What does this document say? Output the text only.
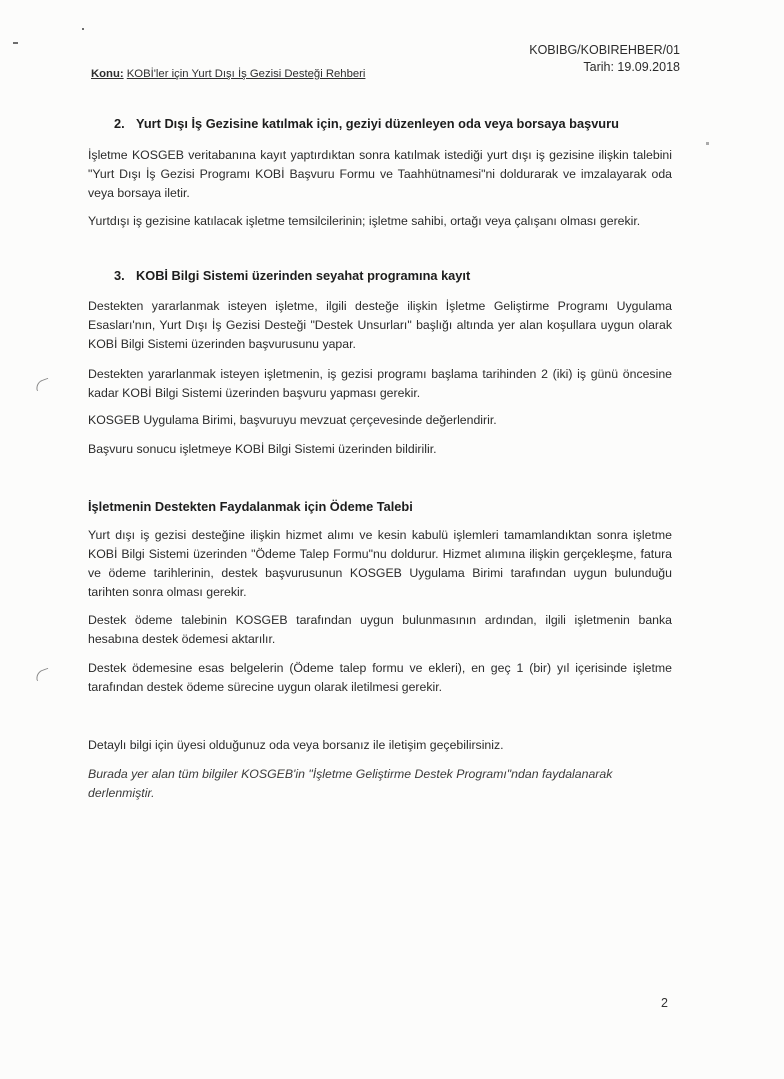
KOBIBG/KOBIREHBER/01
Tarih: 19.09.2018
Konu: KOBİ'ler için Yurt Dışı İş Gezisi Desteği Rehberi
2. Yurt Dışı İş Gezisine katılmak için, geziyi düzenleyen oda veya borsaya başvuru
İşletme KOSGEB veritabanına kayıt yaptırdıktan sonra katılmak istediği yurt dışı iş gezisine ilişkin talebini "Yurt Dışı İş Gezisi Programı KOBİ Başvuru Formu ve Taahhütnamesi"ni doldurarak ve imzalayarak oda veya borsaya iletir.
Yurtdışı iş gezisine katılacak işletme temsilcilerinin; işletme sahibi, ortağı veya çalışanı olması gerekir.
3. KOBİ Bilgi Sistemi üzerinden seyahat programına kayıt
Destekten yararlanmak isteyen işletme, ilgili desteğe ilişkin İşletme Geliştirme Programı Uygulama Esasları'nın, Yurt Dışı İş Gezisi Desteği "Destek Unsurları" başlığı altında yer alan koşullara uygun olarak KOBİ Bilgi Sistemi üzerinden başvurusunu yapar.
Destekten yararlanmak isteyen işletmenin, iş gezisi programı başlama tarihinden 2 (iki) iş günü öncesine kadar KOBİ Bilgi Sistemi üzerinden başvuru yapması gerekir.
KOSGEB Uygulama Birimi, başvuruyu mevzuat çerçevesinde değerlendirir.
Başvuru sonucu işletmeye KOBİ Bilgi Sistemi üzerinden bildirilir.
İşletmenin Destekten Faydalanmak için Ödeme Talebi
Yurt dışı iş gezisi desteğine ilişkin hizmet alımı ve kesin kabulü işlemleri tamamlandıktan sonra işletme KOBİ Bilgi Sistemi üzerinden "Ödeme Talep Formu"nu doldurur. Hizmet alımına ilişkin gerçekleşme, fatura ve ödeme tarihlerinin, destek başvurusunun KOSGEB Uygulama Birimi tarafından uygun bulunduğu tarihten sonra olması gerekir.
Destek ödeme talebinin KOSGEB tarafından uygun bulunmasının ardından, ilgili işletmenin banka hesabına destek ödemesi aktarılır.
Destek ödemesine esas belgelerin (Ödeme talep formu ve ekleri), en geç 1 (bir) yıl içerisinde işletme tarafından destek ödeme sürecine uygun olarak iletilmesi gerekir.
Detaylı bilgi için üyesi olduğunuz oda veya borsanız ile iletişim geçebilirsiniz.
Burada yer alan tüm bilgiler KOSGEB'in "İşletme Geliştirme Destek Programı"ndan faydalanarak derlenmiştir.
2
